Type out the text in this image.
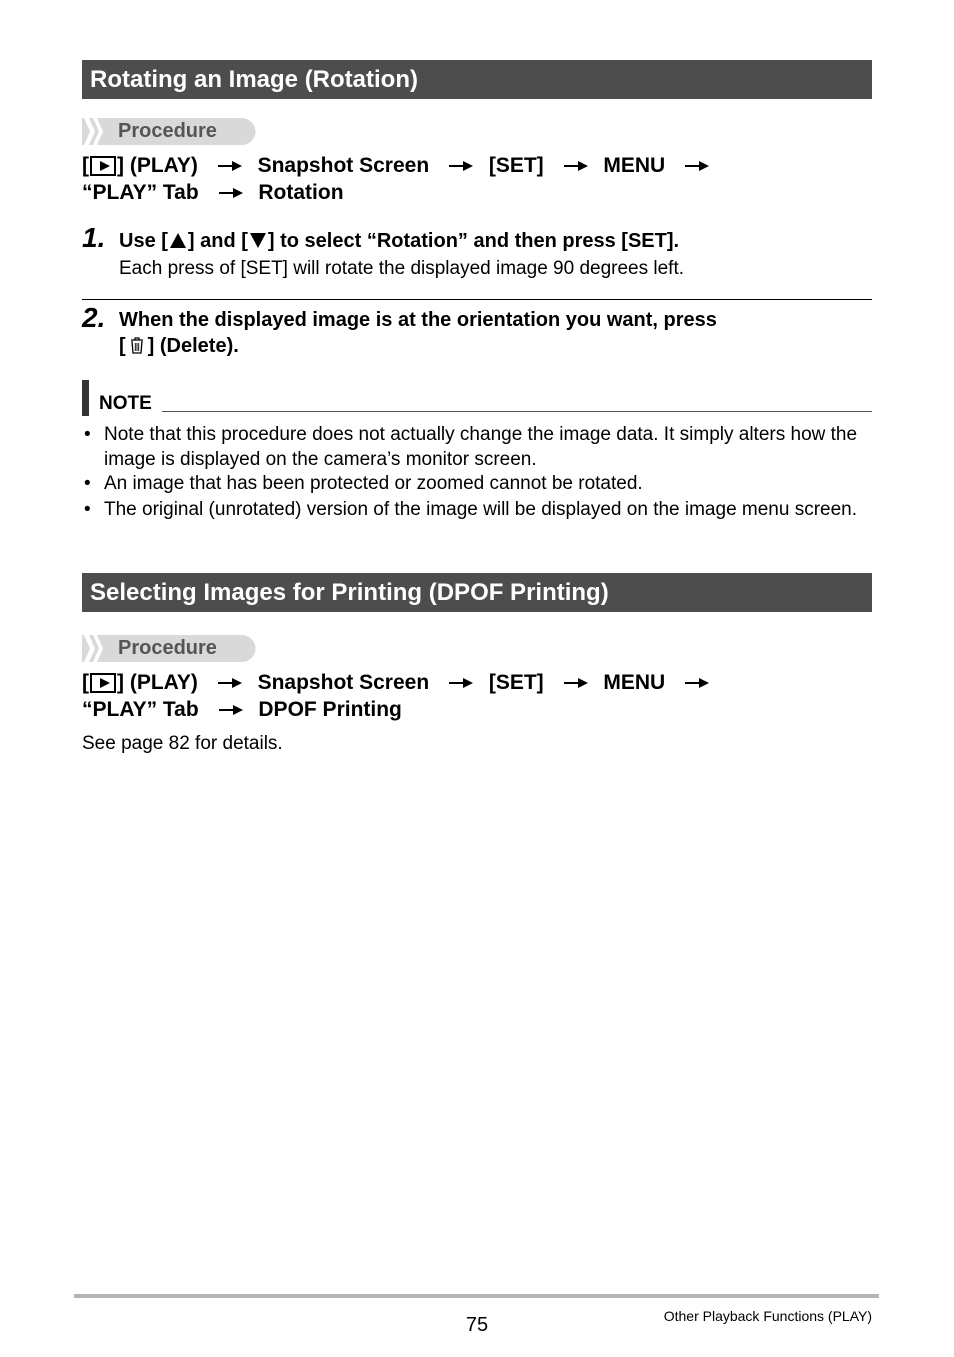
Rotating an Image (Rotation)
Procedure
[ ] (PLAY)	Snapshot Screen	[SET]	MENU
“PLAY” Tab	Rotation
1. Use [ ] and [ ] to select “Rotation” and then press [SET].
Each press of [SET] will rotate the displayed image 90 degrees left.
2. When the displayed image is at the orientation you want, press
[ ] (Delete).
NOTE
• Note that this procedure does not actually change the image data. It simply alters how the image is displayed on the camera’s monitor screen.
• An image that has been protected or zoomed cannot be rotated.
• The original (unrotated) version of the image will be displayed on the image menu screen.
Selecting Images for Printing (DPOF Printing)
Procedure
[ ] (PLAY)	Snapshot Screen	[SET]	MENU
“PLAY” Tab	DPOF Printing
See page 82 for details.
75	Other Playback Functions (PLAY)
